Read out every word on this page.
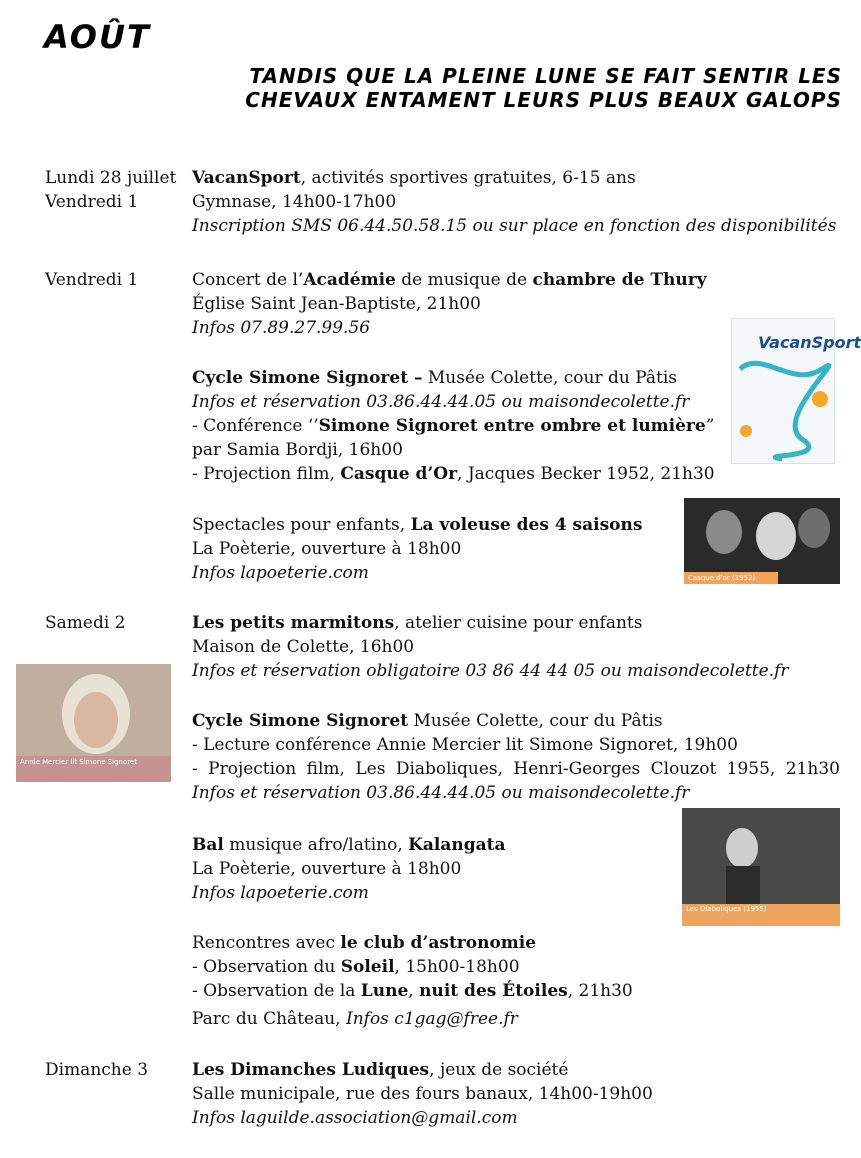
AOÛT
TANDIS QUE LA PLEINE LUNE SE FAIT SENTIR LES
CHEVAUX ENTAMENT LEURS PLUS BEAUX GALOPS
Lundi 28 juillet
Vendredi 1
Vendredi 1
Samedi 2
Dimanche 3
VacanSport, activités sportives gratuites, 6-15 ans
Gymnase, 14h00-17h00
Inscription SMS 06.44.50.58.15 ou sur place en fonction des disponibilités
Concert de l’Académie de musique de chambre de Thury
Église Saint Jean-Baptiste, 21h00
Infos 07.89.27.99.56
Cycle Simone Signoret – Musée Colette, cour du Pâtis
Infos et réservation 03.86.44.44.05 ou maisondecolette.fr
- Conférence ‘’Simone Signoret entre ombre et lumière”
par Samia Bordji, 16h00
- Projection film, Casque d’Or, Jacques Becker 1952, 21h30
Spectacles pour enfants, La voleuse des 4 saisons
La Poèterie, ouverture à 18h00
Infos lapoeterie.com
Les petits marmitons, atelier cuisine pour enfants
Maison de Colette, 16h00
Infos et réservation obligatoire 03 86 44 44 05 ou maisondecolette.fr
Cycle Simone Signoret Musée Colette, cour du Pâtis
- Lecture conférence Annie Mercier lit Simone Signoret, 19h00
- Projection film, Les Diaboliques, Henri-Georges Clouzot 1955, 21h30
Infos et réservation 03.86.44.44.05 ou maisondecolette.fr
Bal musique afro/latino, Kalangata
La Poèterie, ouverture à 18h00
Infos lapoeterie.com
Rencontres avec le club d’astronomie
- Observation du Soleil, 15h00-18h00
- Observation de la Lune, nuit des Étoiles, 21h30
Parc du Château, Infos c1gag@free.fr
Les Dimanches Ludiques, jeux de société
Salle municipale, rue des fours banaux, 14h00-19h00
Infos laguilde.association@gmail.com
VacanSport
Casque d'or (1952)
Annie Mercier lit Simone Signoret
Les Diaboliques (1955)
